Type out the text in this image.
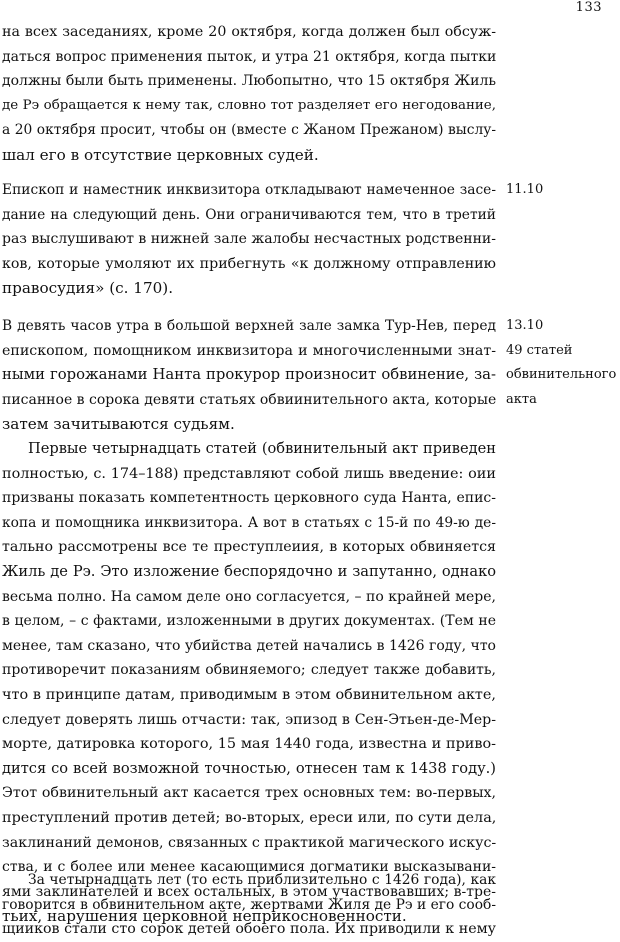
133
на всех заседаниях, кроме 20 октября, когда должен был обсуж-
даться вопрос применения пыток, и утра 21 октября, когда пытки
должны были быть применены. Любопытно, что 15 октября Жиль
де Рэ обращается к нему так, словно тот разделяет его негодование,
а 20 октября просит, чтобы он (вместе с Жаном Прежаном) выслу-
шал его в отсутствие церковных судей.
Епископ и наместник инквизитора откладывают намеченное засе-
дание на следующий день. Они ограничиваются тем, что в третий
раз выслушивают в нижней зале жалобы несчастных родственни-
ков, которые умоляют их прибегнуть «к должному отправлению
правосудия» (с. 170).
11.10
В девять часов утра в большой верхней зале замка Тур-Нев, перед
епископом, помощником инквизитора и многочисленными знат-
ными горожанами Нанта прокурор произносит обвинение, за-
писанное в сорока девяти статьях обвиинительного акта, которые
затем зачитываются судьям.
13.10
49 статей
обвинительного
акта
Первые четырнадцать статей (обвинительный акт приведен
полностью, с. 174–188) представляют собой лишь введение: оии
призваны показать компетентность церковного суда Нанта, епис-
копа и помощника инквизитора. А вот в статьях с 15-й по 49-ю де-
тально рассмотрены все те преступлеиия, в которых обвиняется
Жиль де Рэ. Это изложение беспорядочно и запутанно, однако
весьма полно. На самом деле оно согласуется, – по крайней мере,
в целом, – с фактами, изложенными в других документах. (Тем не
менее, там сказано, что убийства детей начались в 1426 году, что
противоречит показаниям обвиняемого; следует также добавить,
что в принципе датам, приводимым в этом обвинительном акте,
следует доверять лишь отчасти: так, эпизод в Сен-Этьен-де-Мер-
морте, датировка которого, 15 мая 1440 года, известна и приво-
дится со всей возможной точностью, отнесен там к 1438 году.)
Этот обвинительный акт касается трех основных тем: во-первых,
преступлений против детей; во-вторых, ереси или, по сути дела,
заклинаний демонов, связанных с практикой магического искус-
ства, и с более или менее касающимися догматики высказывани-
ями заклинателей и всех остальных, в этом участвовавших; в-тре-
тьих, нарушения церковной неприкосновенности.
За четырнадцать лет (то есть приблизительно с 1426 года), как
говорится в обвинительном акте, жертвами Жиля де Рэ и его сооб-
щииков стали сто сорок детей обоего пола. Их приводили к нему
